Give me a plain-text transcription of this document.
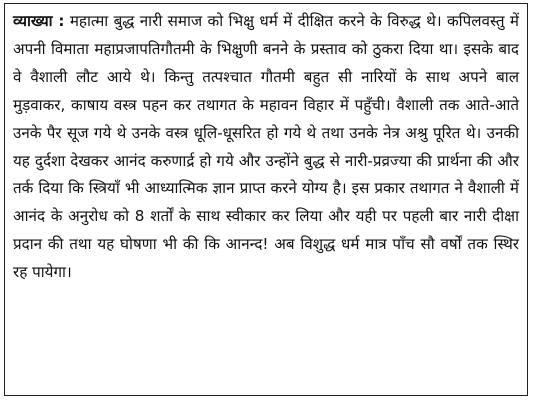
व्याख्या : महात्मा बुद्ध नारी समाज को भिक्षु धर्म में दीक्षित करने के विरुद्ध थे। कपिलवस्तु में अपनी विमाता महाप्रजापतिगौतमी के भिक्षुणी बनने के प्रस्ताव को ठुकरा दिया था। इसके बाद वे वैशाली लौट आये थे। किन्तु तत्पश्चात गौतमी बहुत सी नारियों के साथ अपने बाल मुड़वाकर, काषाय वस्त्र पहन कर तथागत के महावन विहार में पहुँची। वैशाली तक आते-आते उनके पैर सूज गये थे उनके वस्त्र धूलि-धूसरित हो गये थे तथा उनके नेत्र अश्रु पूरित थे। उनकी यह दुर्दशा देखकर आनंद करुणार्द्र हो गये और उन्होंने बुद्ध से नारी-प्रव्रज्या की प्रार्थना की और तर्क दिया कि स्त्रियाँ भी आध्यात्मिक ज्ञान प्राप्त करने योग्य है। इस प्रकार तथागत ने वैशाली में आनंद के अनुरोध को 8 शर्तों के साथ स्वीकार कर लिया और यही पर पहली बार नारी दीक्षा प्रदान की तथा यह घोषणा भी की कि आनन्द! अब विशुद्ध धर्म मात्र पाँच सौ वर्षों तक स्थिर रह पायेगा।
